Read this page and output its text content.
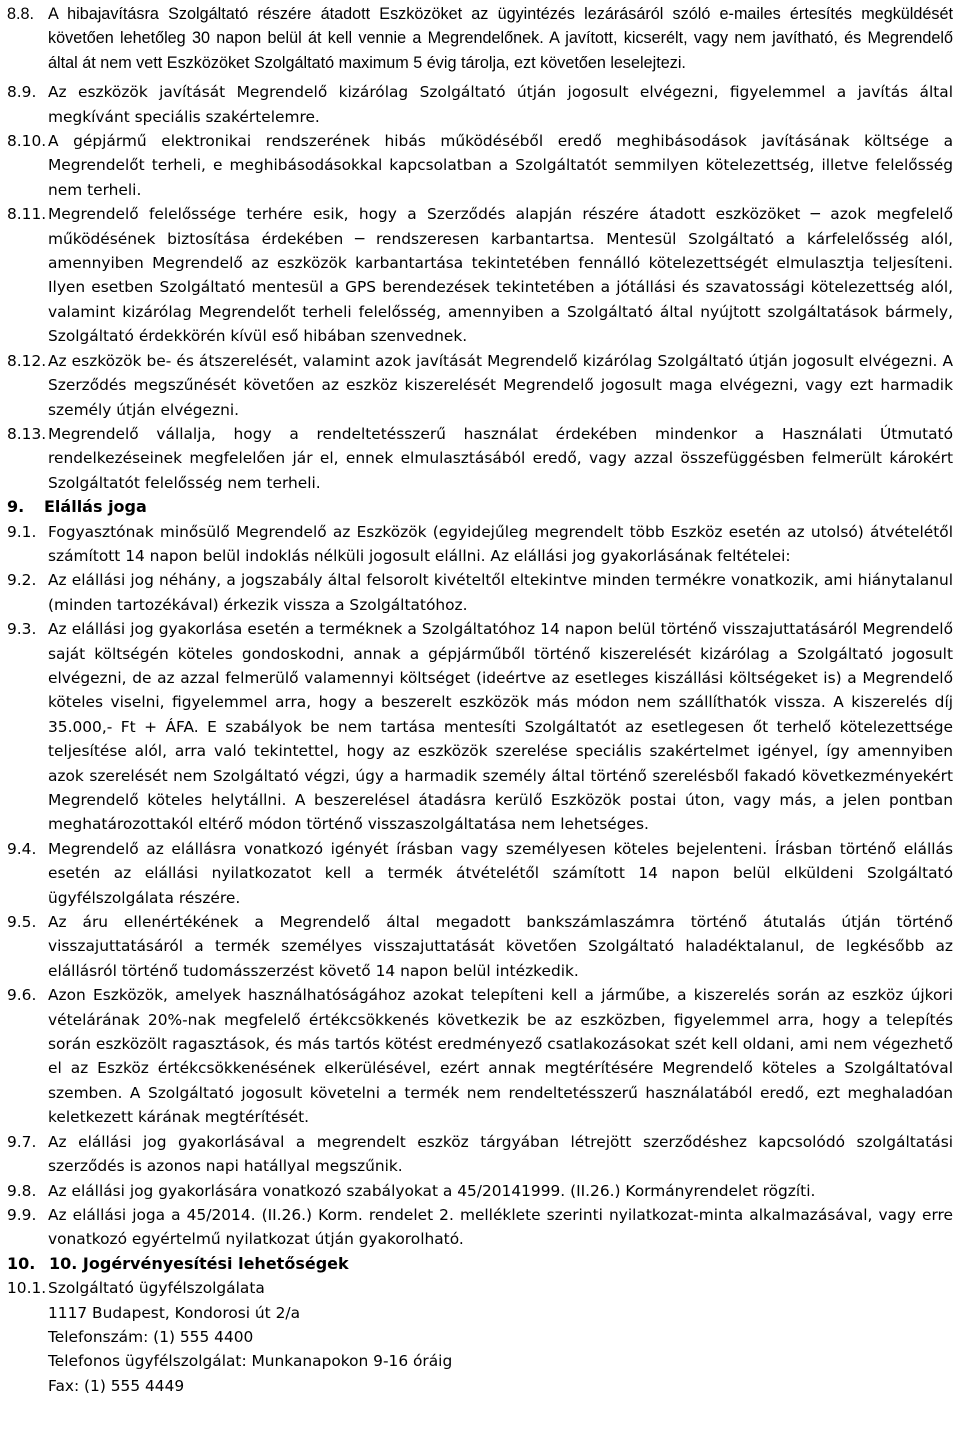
8.8. A hibajavításra Szolgáltató részére átadott Eszközöket az ügyintézés lezárásáról szóló e-mailes értesítés megküldését követően lehetőleg 30 napon belül át kell vennie a Megrendelőnek. A javított, kicserélt, vagy nem javítható, és Megrendelő által át nem vett Eszközöket Szolgáltató maximum 5 évig tárolja, ezt követően leselejtezi.
8.9. Az eszközök javítását Megrendelő kizárólag Szolgáltató útján jogosult elvégezni, figyelemmel a javítás által megkívánt speciális szakértelemre.
8.10. A gépjármű elektronikai rendszerének hibás működéséből eredő meghibásodások javításának költsége a Megrendelőt terheli, e meghibásodásokkal kapcsolatban a Szolgáltatót semmilyen kötelezettség, illetve felelősség nem terheli.
8.11. Megrendelő felelőssége terhére esik, hogy a Szerződés alapján részére átadott eszközöket ─ azok megfelelő működésének biztosítása érdekében ─ rendszeresen karbantartsa. Mentesül Szolgáltató a kárfelelősség alól, amennyiben Megrendelő az eszközök karbantartása tekintetében fennálló kötelezettségét elmulasztja teljesíteni. Ilyen esetben Szolgáltató mentesül a GPS berendezések tekintetében a jótállási és szavatossági kötelezettség alól, valamint kizárólag Megrendelőt terheli felelősség, amennyiben a Szolgáltató által nyújtott szolgáltatások bármely, Szolgáltató érdekkörén kívül eső hibában szenvednek.
8.12. Az eszközök be- és átszerelését, valamint azok javítását Megrendelő kizárólag Szolgáltató útján jogosult elvégezni. A Szerződés megszűnését követően az eszköz kiszerelését Megrendelő jogosult maga elvégezni, vagy ezt harmadik személy útján elvégezni.
8.13. Megrendelő vállalja, hogy a rendeltetésszerű használat érdekében mindenkor a Használati Útmutató rendelkezéseinek megfelelően jár el, ennek elmulasztásából eredő, vagy azzal összefüggésben felmerült károkért Szolgáltatót felelősség nem terheli.
9.	Elállás joga
9.1. Fogyasztónak minősülő Megrendelő az Eszközök (egyidejűleg megrendelt több Eszköz esetén az utolsó) átvételétől számított 14 napon belül indoklás nélküli jogosult elállni. Az elállási jog gyakorlásának feltételei:
9.2. Az elállási jog néhány, a jogszabály által felsorolt kivételtől eltekintve minden termékre vonatkozik, ami hiánytalanul (minden tartozékával) érkezik vissza a Szolgáltatóhoz.
9.3. Az elállási jog gyakorlása esetén a terméknek a Szolgáltatóhoz 14 napon belül történő visszajuttatásáról Megrendelő saját költségén köteles gondoskodni, annak a gépjárműből történő kiszerelését kizárólag a Szolgáltató jogosult elvégezni, de az azzal felmerülő valamennyi költséget (ideértve az esetleges kiszállási költségeket is) a Megrendelő köteles viselni, figyelemmel arra, hogy a beszerelt eszközök más módon nem szállíthatók vissza. A kiszerelés díj 35.000,- Ft + ÁFA. E szabályok be nem tartása mentesíti Szolgáltatót az esetlegesen őt terhelő kötelezettsége teljesítése alól, arra való tekintettel, hogy az eszközök szerelése speciális szakértelmet igényel, így amennyiben azok szerelését nem Szolgáltató végzi, úgy a harmadik személy által történő szerelésből fakadó következményekért Megrendelő köteles helytállni. A beszerelésel átadásra kerülő Eszközök postai úton, vagy más, a jelen pontban meghatározottakól eltérő módon történő visszaszolgáltatása nem lehetséges.
9.4. Megrendelő az elállásra vonatkozó igényét írásban vagy személyesen köteles bejelenteni. Írásban történő elállás esetén az elállási nyilatkozatot kell a termék átvételétől számított 14 napon belül elküldeni Szolgáltató ügyfélszolgálata részére.
9.5. Az áru ellenértékének a Megrendelő által megadott bankszámlaszámra történő átutalás útján történő visszajuttatásáról a termék személyes visszajuttatását követően Szolgáltató haladéktalanul, de legkésőbb az elállásról történő tudomásszerzést követő 14 napon belül intézkedik.
9.6. Azon Eszközök, amelyek használhatóságához azokat telepíteni kell a járműbe, a kiszerelés során az eszköz újkori vételárának 20%-nak megfelelő értékcsökkenés következik be az eszközben, figyelemmel arra, hogy a telepítés során eszközölt ragasztások, és más tartós kötést eredményező csatlakozásokat szét kell oldani, ami nem végezhető el az Eszköz értékcsökkenésének elkerülésével, ezért annak megtérítésére Megrendelő köteles a Szolgáltatóval szemben. A Szolgáltató jogosult követelni a termék nem rendeltetésszerű használatából eredő, ezt meghaladóan keletkezett kárának megtérítését.
9.7. Az elállási jog gyakorlásával a megrendelt eszköz tárgyában létrejött szerződéshez kapcsolódó szolgáltatási szerződés is azonos napi hatállyal megszűnik.
9.8. Az elállási jog gyakorlására vonatkozó szabályokat a 45/20141999. (II.26.) Kormányrendelet rögzíti.
9.9. Az elállási joga a 45/2014. (II.26.) Korm. rendelet 2. melléklete szerinti nyilatkozat-minta alkalmazásával, vagy erre vonatkozó egyértelmű nyilatkozat útján gyakorolható.
10. 10. Jogérvényesítési lehetőségek
10.1. Szolgáltató ügyfélszolgálata
1117 Budapest, Kondorosi út 2/a
Telefonszám: (1) 555 4400
Telefonos ügyfélszolgálat: Munkanapokon 9-16 óráig
Fax: (1) 555 4449
